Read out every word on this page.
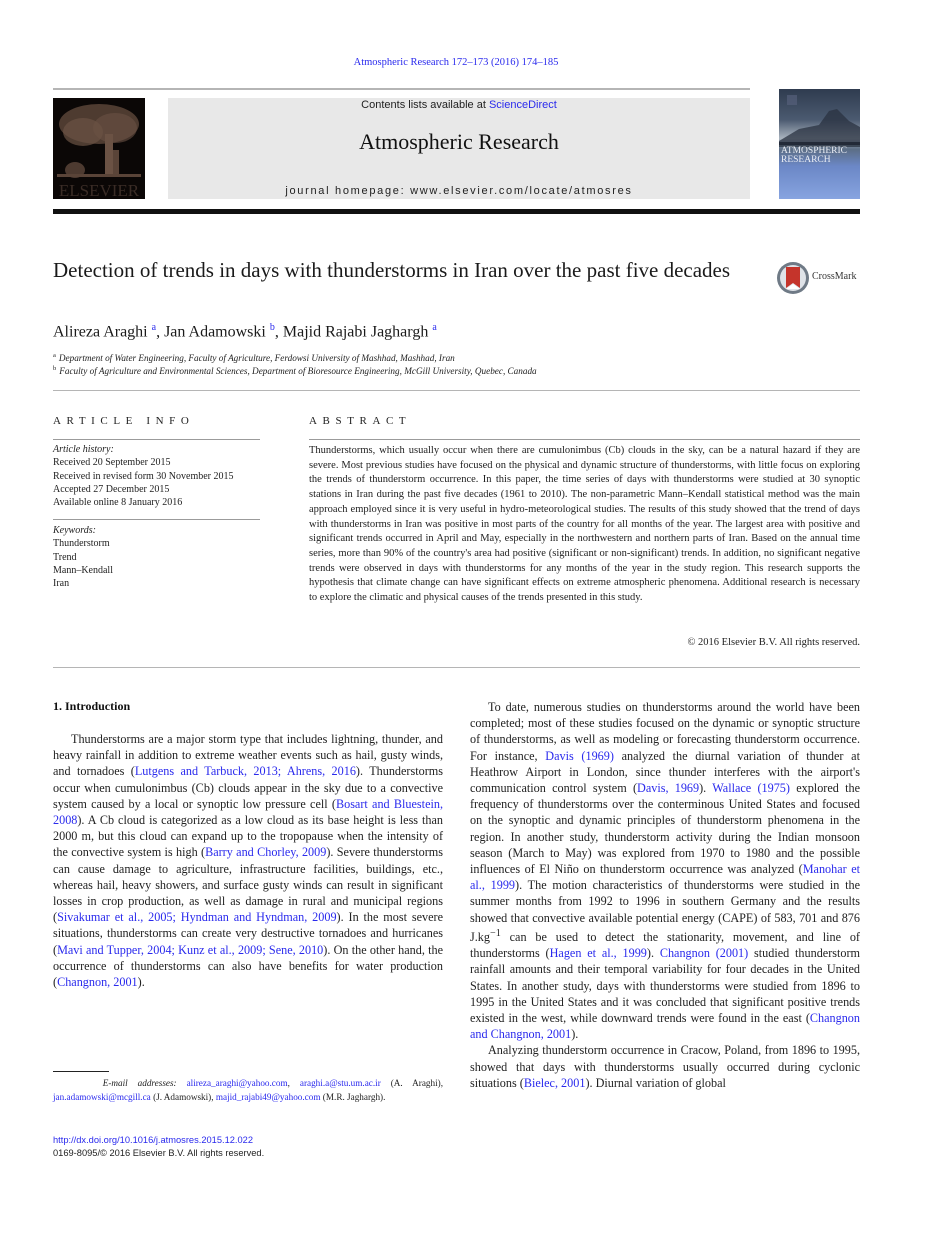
Atmospheric Research 172–173 (2016) 174–185
ELSEVIER
Contents lists available at ScienceDirect
Atmospheric Research
journal homepage: www.elsevier.com/locate/atmosres
ATMOSPHERIC
RESEARCH
Detection of trends in days with thunderstorms in Iran over the past five decades	CrossMark
Alireza Araghi $^a$, Jan Adamowski $^b$, Majid Rajabi Jaghargh $^a$
$^a$ Department of Water Engineering, Faculty of Agriculture, Ferdowsi University of Mashhad, Mashhad, Iran
$^b$ Faculty of Agriculture and Environmental Sciences, Department of Bioresource Engineering, McGill University, Quebec, Canada
ARTICLE INFO
Article history:
Received 20 September 2015
Received in revised form 30 November 2015
Accepted 27 December 2015
Available online 8 January 2016
Keywords:
Thunderstorm
Trend
Mann–Kendall
Iran
ABSTRACT
Thunderstorms, which usually occur when there are cumulonimbus (Cb) clouds in the sky, can be a natural hazard if they are severe. Most previous studies have focused on the physical and dynamic structure of thunderstorms, with little focus on exploring the trends of thunderstorm occurrence. In this paper, the time series of days with thunderstorms were studied at 30 synoptic stations in Iran during the past five decades (1961 to 2010). The non-parametric Mann–Kendall statistical method was the main approach employed since it is very useful in hydro-meteorological studies. The results of this study showed that the trend of days with thunderstorms in Iran was positive in most parts of the country for all months of the year. The largest area with positive and significant trends occurred in April and May, especially in the northwestern and northern parts of Iran. Based on the annual time series, more than 90% of the country's area had positive (significant or non-significant) trends. In addition, no significant negative trends were observed in days with thunderstorms for any months of the year in the study region. This research supports the hypothesis that climate change can have significant effects on extreme atmospheric phenomena. Additional research is necessary to explore the climatic and physical causes of the trends presented in this study.
© 2016 Elsevier B.V. All rights reserved.
1. Introduction

Thunderstorms are a major storm type that includes lightning, thunder, and heavy rainfall in addition to extreme weather events such as hail, gusty winds, and tornadoes (Lutgens and Tarbuck, 2013; Ahrens, 2016). Thunderstorms occur when cumulonimbus (Cb) clouds appear in the sky due to a convective system caused by a local or synoptic low pressure cell (Bosart and Bluestein, 2008). A Cb cloud is categorized as a low cloud as its base height is less than 2000 m, but this cloud can expand up to the tropopause when the intensity of the convective system is high (Barry and Chorley, 2009). Severe thunderstorms can cause damage to agriculture, infrastructure facilities, buildings, etc., whereas hail, heavy showers, and surface gusty winds can result in significant losses in crop production, as well as damage in rural and municipal regions (Sivakumar et al., 2005; Hyndman and Hyndman, 2009). In the most severe situations, thunderstorms can create very destructive tornadoes and hurricanes (Mavi and Tupper, 2004; Kunz et al., 2009; Sene, 2010). On the other hand, the occurrence of thunderstorms can also have benefits for water production (Changnon, 2001).

To date, numerous studies on thunderstorms around the world have been completed; most of these studies focused on the dynamic or synoptic structure of thunderstorms, as well as modeling or forecasting thunderstorm occurrence. For instance, Davis (1969) analyzed the diurnal variation of thunder at Heathrow Airport in London, since thunder interferes with the airport's communication control system (Davis, 1969). Wallace (1975) explored the frequency of thunderstorms over the conterminous United States and focused on the synoptic and dynamic principles of thunderstorm phenomena in the region. In another study, thunderstorm activity during the Indian monsoon season (March to May) was explored from 1970 to 1980 and the possible influences of El Niño on thunderstorm occurrence was analyzed (Manohar et al., 1999). The motion characteristics of thunderstorms were studied in the summer months from 1992 to 1996 in southern Germany and the results showed that convective available potential energy (CAPE) of 583, 701 and 876 $J.kg^{-1}$ can be used to detect the stationarity, movement, and line of thunderstorms (Hagen et al., 1999). Changnon (2001) studied thunderstorm rainfall amounts and their temporal variability for four decades in the United States. In another study, days with thunderstorms were studied from 1896 to 1995 in the United States and it was concluded that significant positive trends existed in the west, while downward trends were found in the east (Changnon and Changnon, 2001).

Analyzing thunderstorm occurrence in Cracow, Poland, from 1896 to 1995, showed that days with thunderstorms usually occurred during cyclonic situations (Bielec, 2001). Diurnal variation of global

E-mail addresses: alireza_araghi@yahoo.com, araghi.a@stu.um.ac.ir (A. Araghi), jan.adamowski@mcgill.ca (J. Adamowski), majid_rajabi49@yahoo.com (M.R. Jaghargh).
http://dx.doi.org/10.1016/j.atmosres.2015.12.022
0169-8095/© 2016 Elsevier B.V. All rights reserved.
